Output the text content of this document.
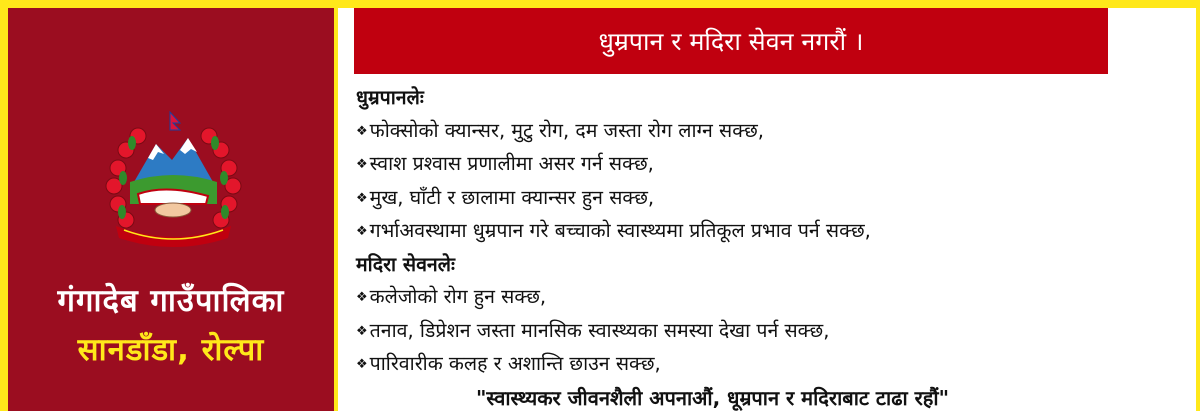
गंगादेब गाउँपालिका
सानडाँडा, रोल्पा
धुम्रपान र मदिरा सेवन नगरौं ।
धुम्रपानलेः
❖ फोक्सोको क्यान्सर, मुटु रोग, दम जस्ता रोग लाग्न सक्छ,
❖ स्वाश प्रश्वास प्रणालीमा असर गर्न सक्छ,
❖ मुख, घाँटी र छालामा क्यान्सर हुन सक्छ,
❖ गर्भाअवस्थामा धुम्रपान गरे बच्चाको स्वास्थ्यमा प्रतिकूल प्रभाव पर्न सक्छ,
मदिरा सेवनलेः
❖ कलेजोको रोग हुन सक्छ,
❖ तनाव, डिप्रेशन जस्ता मानसिक स्वास्थ्यका समस्या देखा पर्न सक्छ,
❖ पारिवारीक कलह र अशान्ति छाउन सक्छ,
"स्वास्थ्यकर जीवनशैली अपनाऔं, धूम्रपान र मदिराबाट टाढा रहौं"
